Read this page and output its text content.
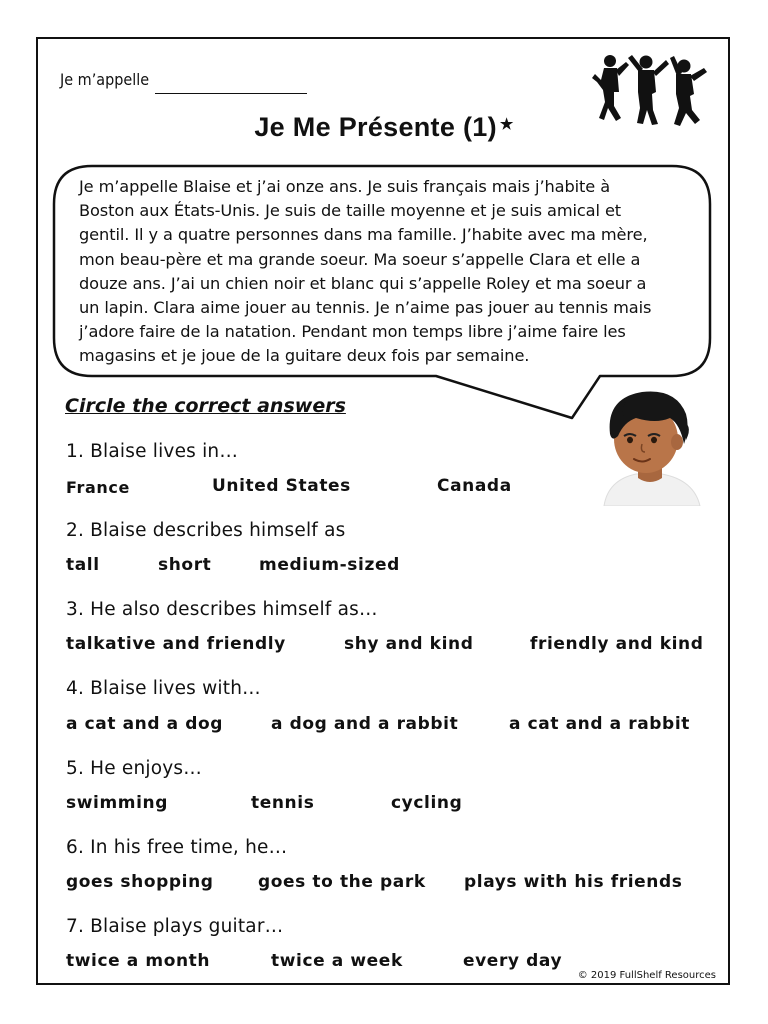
Je m’appelle
Je Me Présente (1) ★
Je m’appelle Blaise et j’ai onze ans. Je suis français mais j’habite à
Boston aux États-Unis. Je suis de taille moyenne et je suis amical et
gentil. Il y a quatre personnes dans ma famille. J’habite avec ma mère,
mon beau-père et ma grande soeur. Ma soeur s’appelle Clara et elle a
douze ans. J’ai un chien noir et blanc qui s’appelle Roley et ma soeur a
un lapin. Clara aime jouer au tennis. Je n’aime pas jouer au tennis mais
j’adore faire de la natation. Pendant mon temps libre j’aime faire les
magasins et je joue de la guitare deux fois par semaine.
Circle the correct answers
1. Blaise lives in…
France	United States	Canada
2. Blaise describes himself as
tall	short	medium-sized
3. He also describes himself as…
talkative and friendly	shy and kind	friendly and kind
4. Blaise lives with…
a cat and a dog	a dog and a rabbit	a cat and a rabbit
5. He enjoys…
swimming	tennis	cycling
6. In his free time, he…
goes shopping	goes to the park plays with his friends
7. Blaise plays guitar…
twice a month	twice a week	every day
© 2019 FullShelf Resources
